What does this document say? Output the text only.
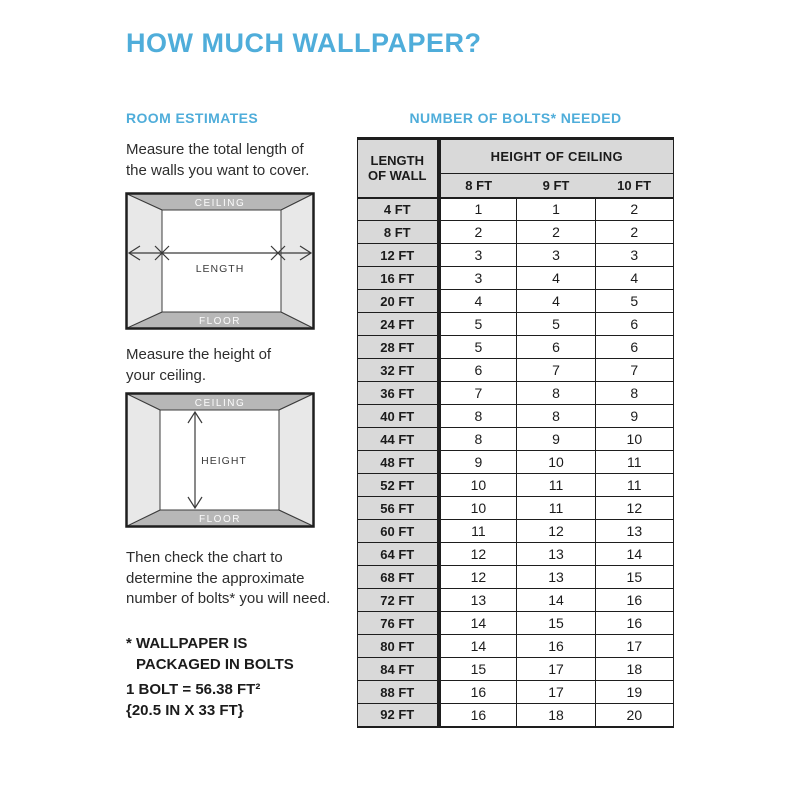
HOW MUCH WALLPAPER?
ROOM ESTIMATES

Measure the total length of
the walls you want to cover.

CEILING
FLOOR
LENGTH

Measure the height of
your ceiling.

CEILING
FLOOR
HEIGHT

Then check the chart to
determine the approximate
number of bolts* you will need.

* WALLPAPER IS
PACKAGED IN BOLTS

1 BOLT = 56.38 FT²
{20.5 IN X 33 FT}

NUMBER OF BOLTS* NEEDED
LENGTH
OF WALL	HEIGHT OF CEILING		
	8 FT	9 FT	10 FT
4 FT	1	1	2
8 FT	2	2	2
12 FT	3	3	3
16 FT	3	4	4
20 FT	4	4	5
24 FT	5	5	6
28 FT	5	6	6
32 FT	6	7	7
36 FT	7	8	8
40 FT	8	8	9
44 FT	8	9	10
48 FT	9	10	11
52 FT	10	11	11
56 FT	10	11	12
60 FT	11	12	13
64 FT	12	13	14
68 FT	12	13	15
72 FT	13	14	16
76 FT	14	15	16
80 FT	14	16	17
84 FT	15	17	18
88 FT	16	17	19
92 FT	16	18	20
